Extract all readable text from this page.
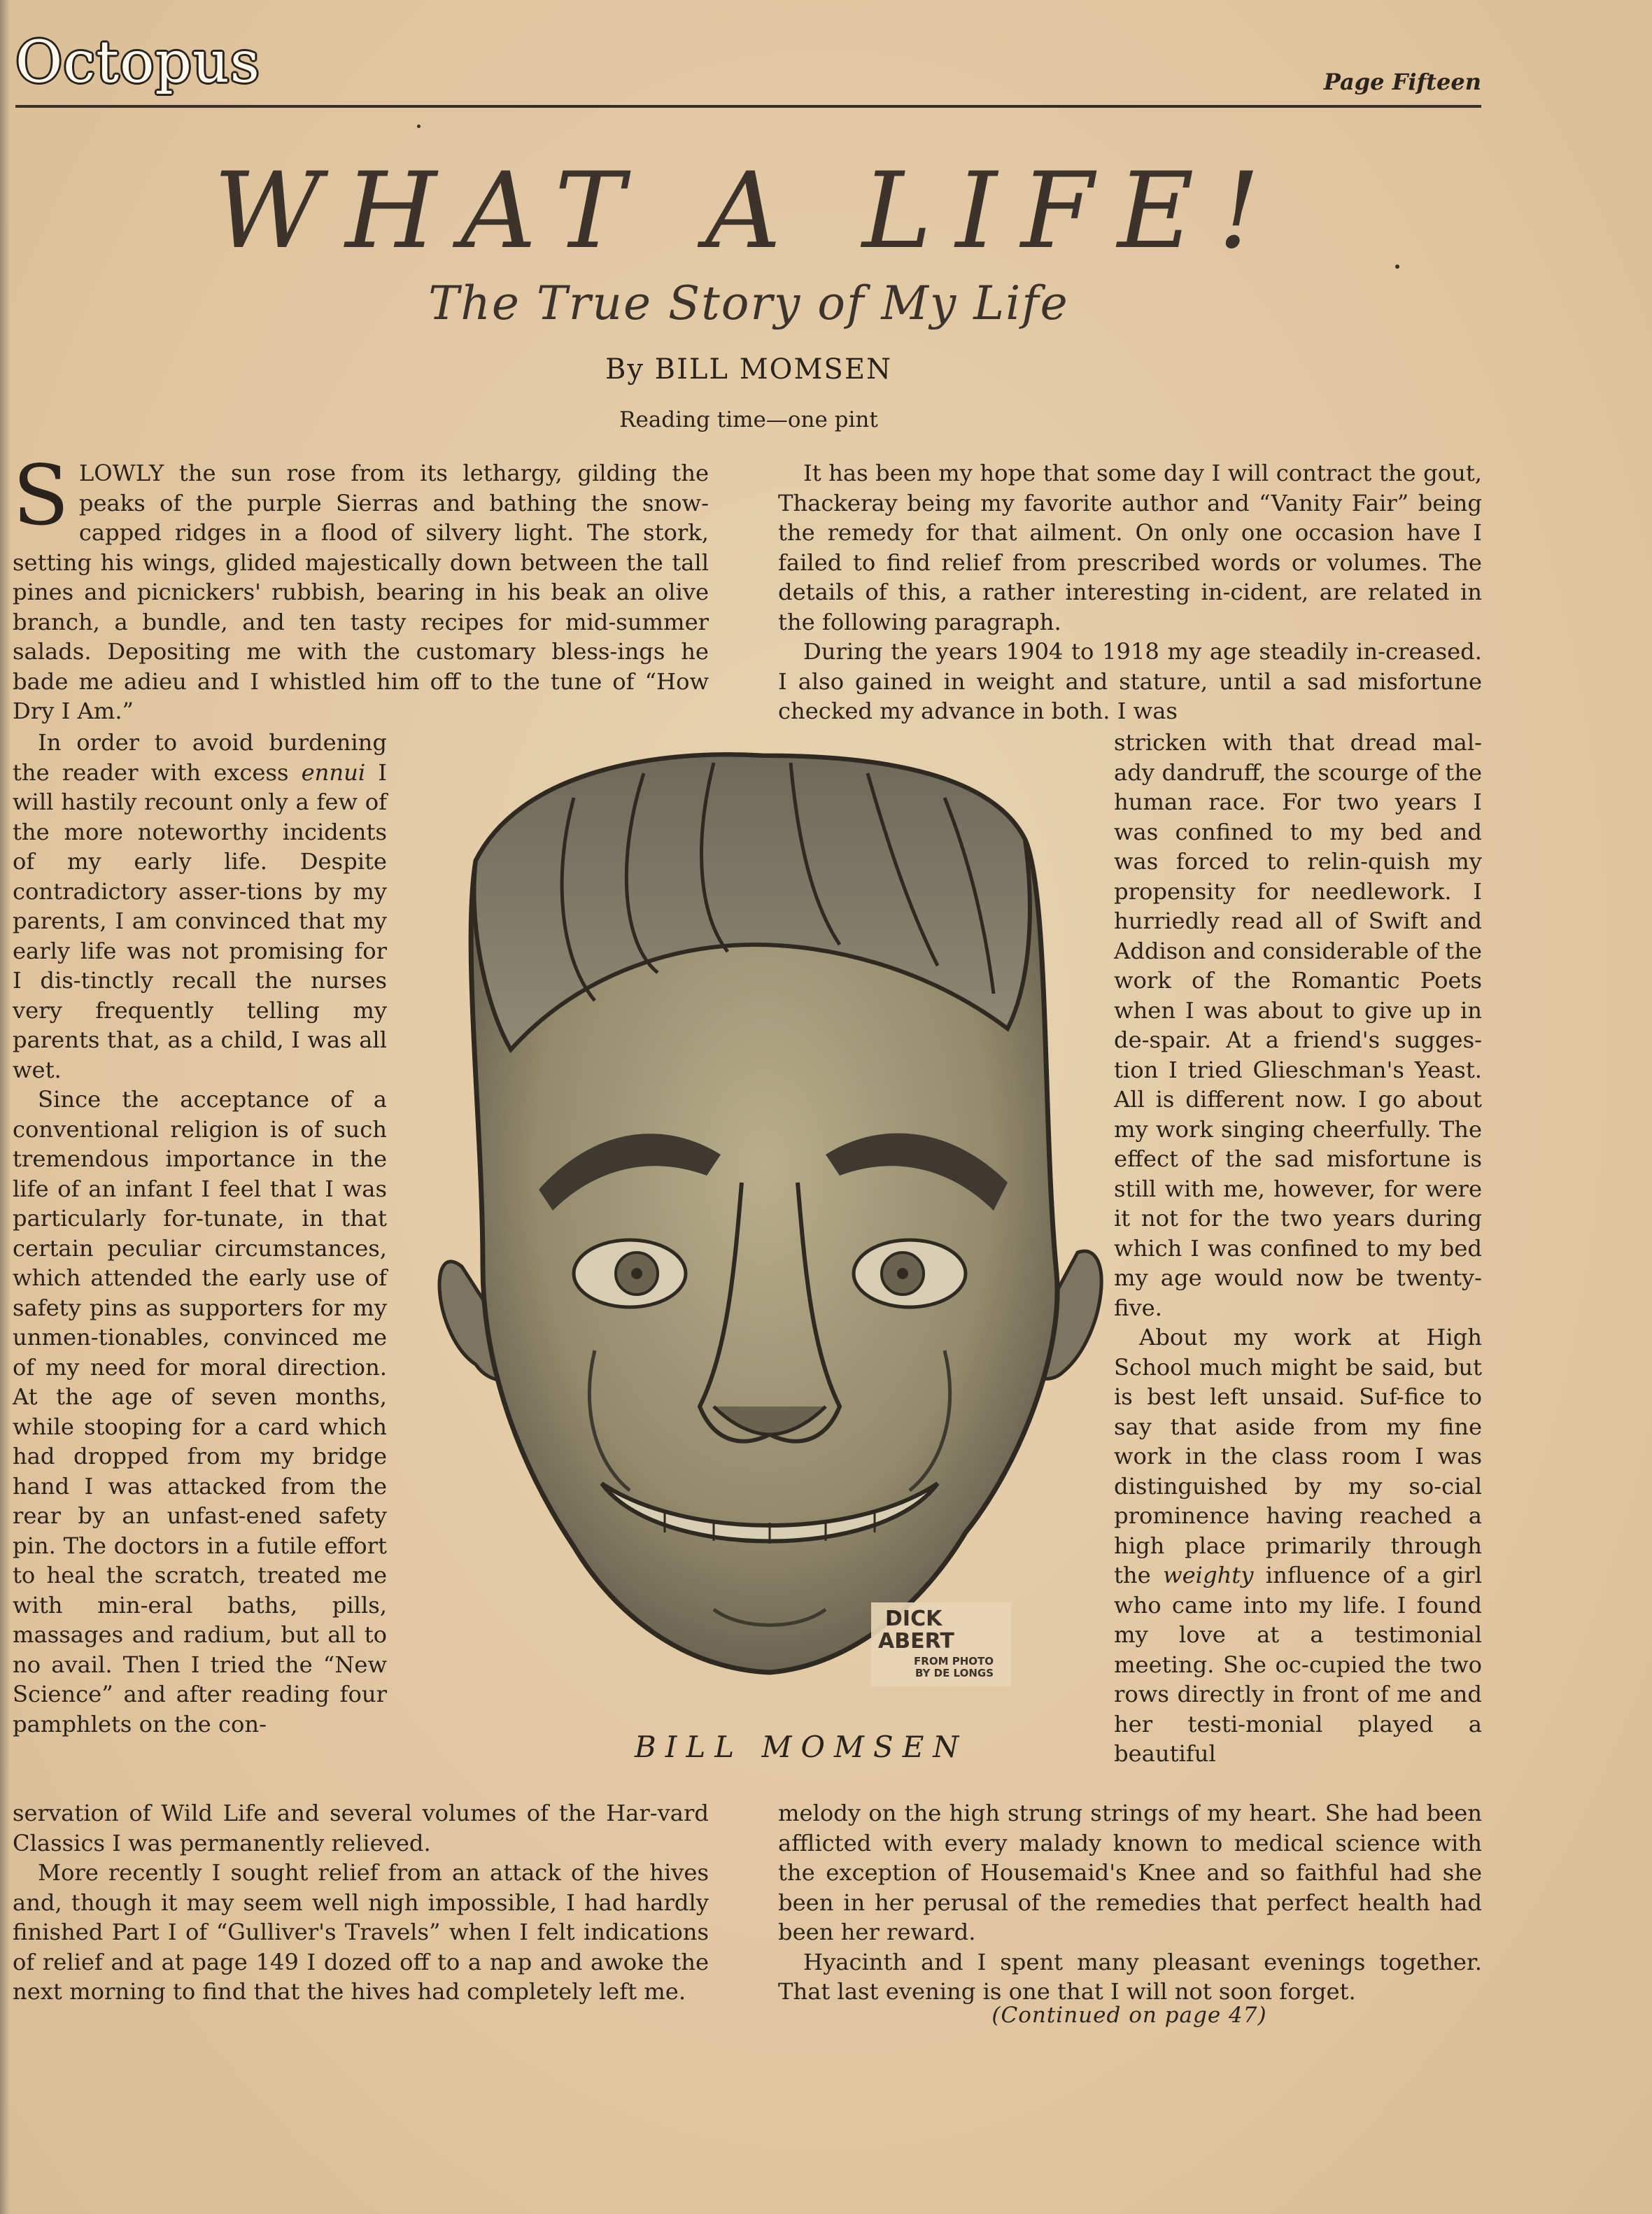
Octopus	Page Fifteen
WHAT A LIFE!
The True Story of My Life
By BILL MOMSEN
Reading time—one pint

SLOWLY the sun rose from its lethargy, gilding the peaks of the purple Sierras and bathing the snow-capped ridges in a flood of silvery light. The stork, setting his wings, glided majestically down between the tall pines and picnickers' rubbish, bearing in his beak an olive branch, a bundle, and ten tasty recipes for mid-summer salads. Depositing me with the customary bless-ings he bade me adieu and I whistled him off to the tune of “How Dry I Am.”

In order to avoid burdening the reader with excess ennui I will hastily recount only a few of the more noteworthy incidents of my early life. Despite contradictory asser-tions by my parents, I am convinced that my early life was not promising for I dis-tinctly recall the nurses very frequently telling my parents that, as a child, I was all wet.

Since the acceptance of a conventional religion is of such tremendous importance in the life of an infant I feel that I was particularly for-tunate, in that certain peculiar circumstances, which attended the early use of safety pins as supporters for my unmen-tionables, convinced me of my need for moral direction. At the age of seven months, while stooping for a card which had dropped from my bridge hand I was attacked from the rear by an unfast-ened safety pin. The doctors in a futile effort to heal the scratch, treated me with min-eral baths, pills, massages and radium, but all to no avail. Then I tried the “New Science” and after reading four pamphlets on the con-

servation of Wild Life and several volumes of the Har-vard Classics I was permanently relieved.

More recently I sought relief from an attack of the hives and, though it may seem well nigh impossible, I had hardly finished Part I of “Gulliver's Travels” when I felt indications of relief and at page 149 I dozed off to a nap and awoke the next morning to find that the hives had completely left me.

It has been my hope that some day I will contract the gout, Thackeray being my favorite author and “Vanity Fair” being the remedy for that ailment. On only one occasion have I failed to find relief from prescribed words or volumes. The details of this, a rather interesting in-cident, are related in the following paragraph.

During the years 1904 to 1918 my age steadily in-creased. I also gained in weight and stature, until a sad misfortune checked my advance in both. I was

stricken with that dread mal-ady dandruff, the scourge of the human race. For two years I was confined to my bed and was forced to relin-quish my propensity for needlework. I hurriedly read all of Swift and Addison and considerable of the work of the Romantic Poets when I was about to give up in de-spair. At a friend's sugges-tion I tried Glieschman's Yeast. All is different now. I go about my work singing cheerfully. The effect of the sad misfortune is still with me, however, for were it not for the two years during which I was confined to my bed my age would now be twenty-five.

About my work at High School much might be said, but is best left unsaid. Suf-fice to say that aside from my fine work in the class room I was distinguished by my so-cial prominence having reached a high place primarily through the weighty influence of a girl who came into my life. I found my love at a testimonial meeting. She oc-cupied the two rows directly in front of me and her testi-monial played a beautiful

melody on the high strung strings of my heart. She had been afflicted with every malady known to medical science with the exception of Housemaid's Knee and so faithful had she been in her perusal of the remedies that perfect health had been her reward.

Hyacinth and I spent many pleasant evenings together. That last evening is one that I will not soon forget.

(Continued on page 47)
DICK
ABERT
FROM PHOTO
BY DE LONGS
BILL MOMSEN
